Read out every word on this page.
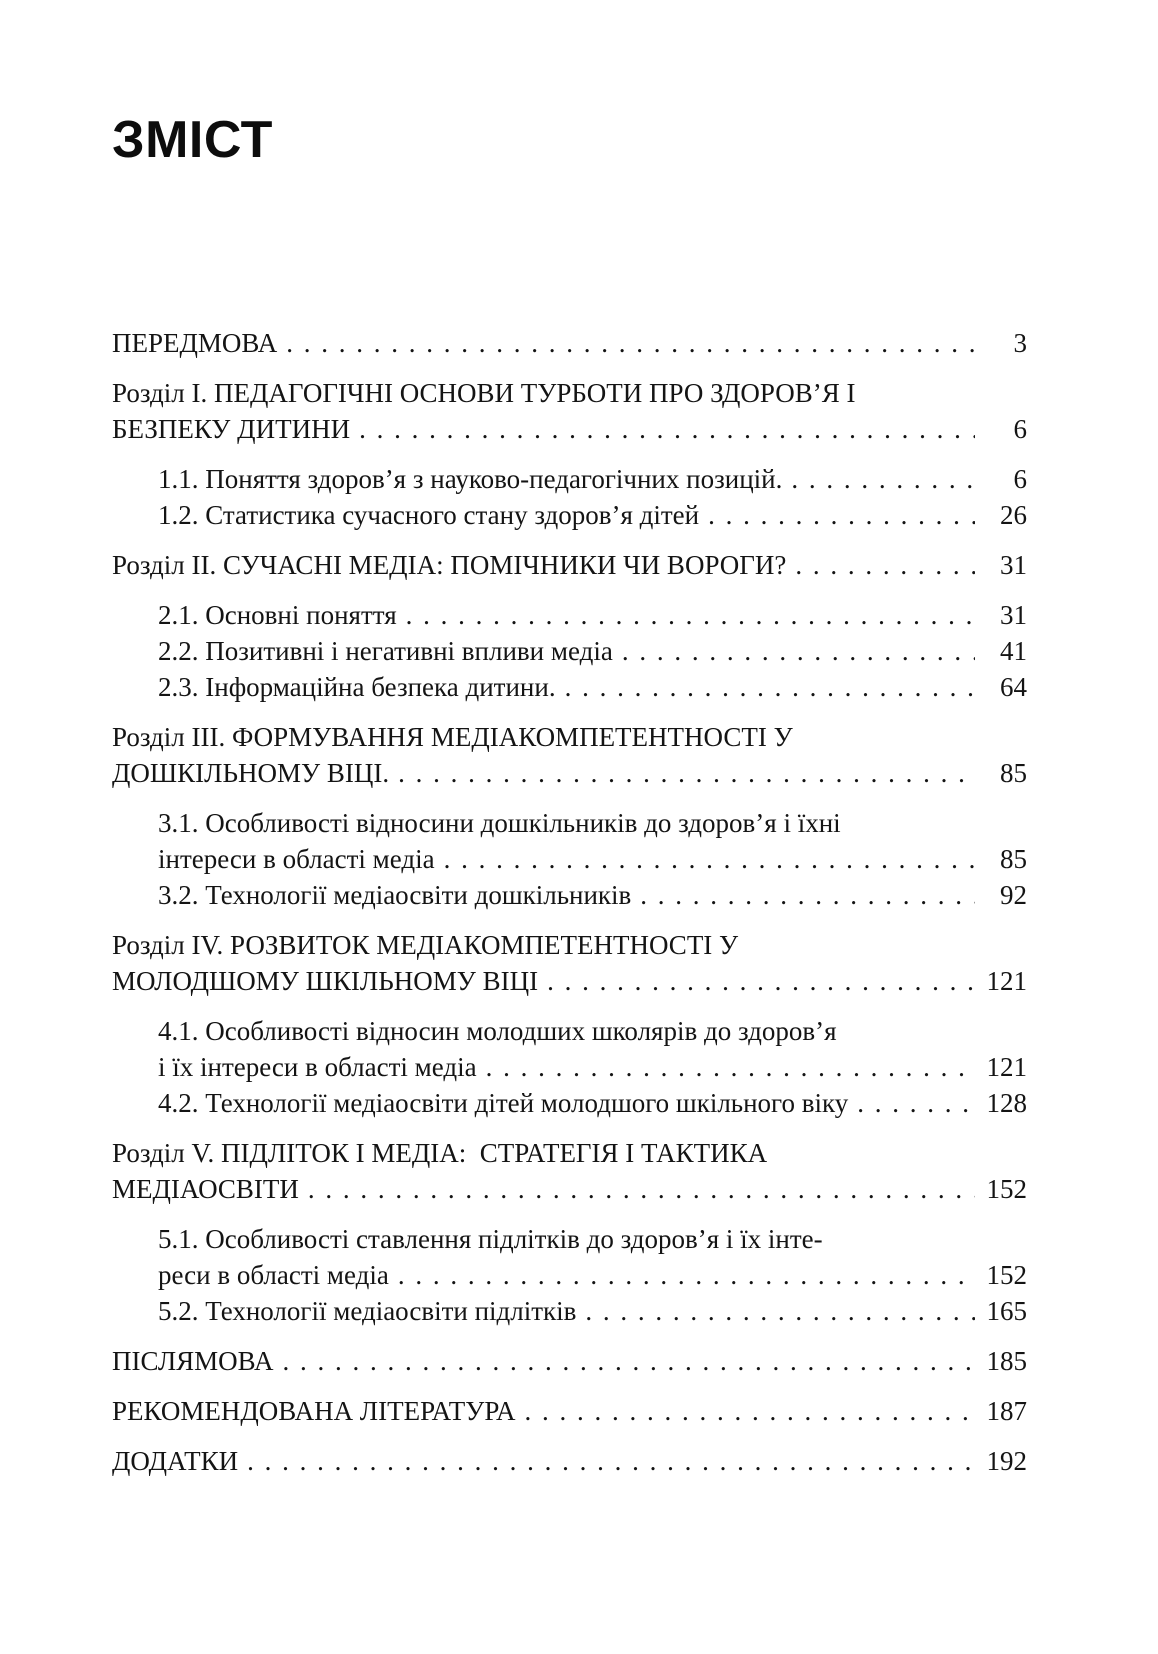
ЗМІСТ
ПЕРЕДМОВА . . .	3
Розділ I. ПЕДАГОГІЧНІ ОСНОВИ ТУРБОТИ ПРО ЗДОРОВ’Я І
БЕЗПЕКУ ДИТИНИ . . .	6
1.1. Поняття здоров’я з науково-педагогічних позицій. . . .	6
1.2. Статистика сучасного стану здоров’я дітей . . .	26
Розділ II. СУЧАСНІ МЕДІА: ПОМІЧНИКИ ЧИ ВОРОГИ? . . .	31
2.1. Основні поняття . . .	31
2.2. Позитивні і негативні впливи медіа . . .	41
2.3. Інформаційна безпека дитини. . . .	64
Розділ III. ФОРМУВАННЯ МЕДІАКОМПЕТЕНТНОСТІ У
ДОШКІЛЬНОМУ ВІЦІ. . . .	85
3.1. Особливості відносини дошкільників до здоров’я і їхні
інтереси в області медіа . . .	85
3.2. Технології медіаосвіти дошкільників . . .	92
Розділ IV. РОЗВИТОК МЕДІАКОМПЕТЕНТНОСТІ У
МОЛОДШОМУ ШКІЛЬНОМУ ВІЦІ . . .	121
4.1. Особливості відносин молодших школярів до здоров’я
і їх інтереси в області медіа . . .	121
4.2. Технології медіаосвіти дітей молодшого шкільного віку . . .	128
Розділ V. ПІДЛІТОК І МЕДІА:  СТРАТЕГІЯ І ТАКТИКА
МЕДІАОСВІТИ . . .	152
5.1. Особливості ставлення підлітків до здоров’я і їх інте-
реси в області медіа . . .	152
5.2. Технології медіаосвіти підлітків . . .	165
ПІСЛЯМОВА . . .	185
РЕКОМЕНДОВАНА ЛІТЕРАТУРА . . .	187
ДОДАТКИ . . .	192
